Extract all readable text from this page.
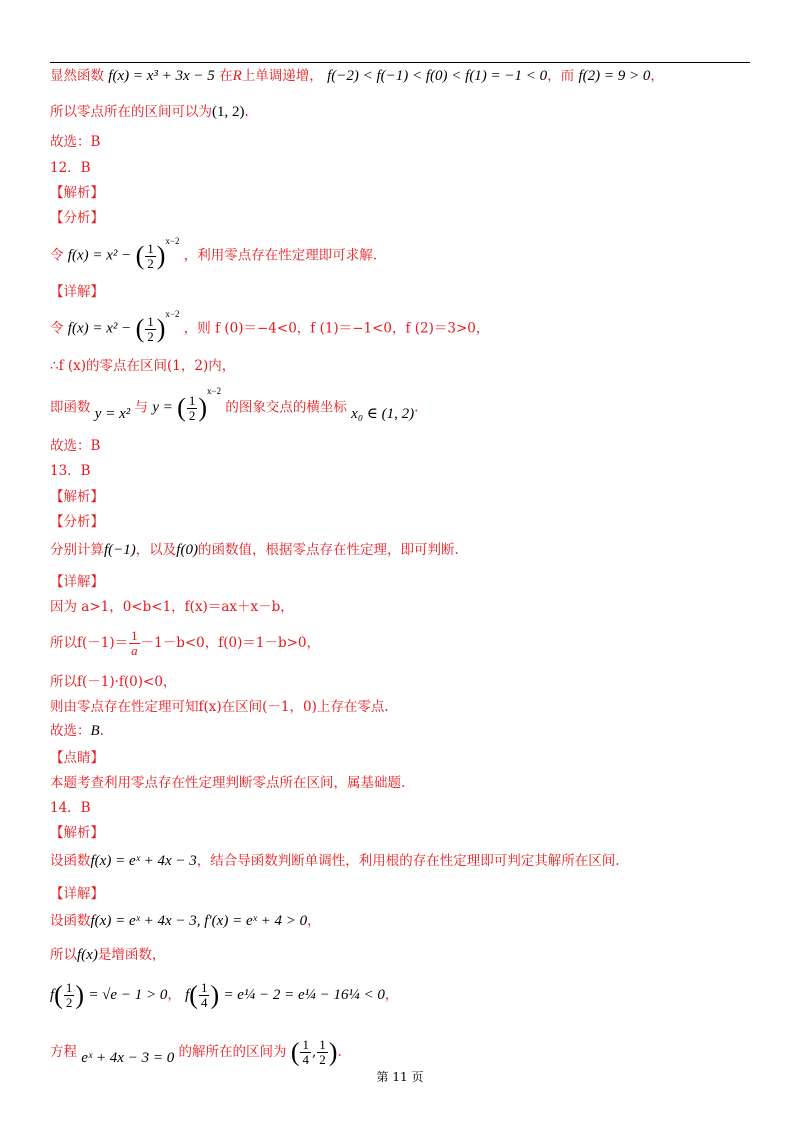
显然函数 f(x) = x³ + 3x − 5 在R上单调递增， f(−2) < f(−1) < f(0) < f(1) = −1 < 0，而 f(2) = 9 > 0，
所以零点所在的区间可以为(1, 2).
故选：B
12．B
【解析】
【分析】
令 f(x) = x² − ( $\frac{1}{2} )^{x-2}$ ，利用零点存在性定理即可求解.
【详解】
令 f(x) = x² − ( $\frac{1}{2} )^{x-2}$ ，则 f (0)＝−4<0，f (1)＝−1<0，f (2)＝3>0，
∴f (x)的零点在区间(1，2)内，
即函数 y = x² 与 y = ( $\frac{1}{2} )^{x-2}$ 的图象交点的横坐标 x₀ ∈ (1, 2).
故选：B
13．B
【解析】
【分析】
分别计算f(−1)，以及f(0)的函数值，根据零点存在性定理，即可判断.
【详解】
因为 a>1，0<b<1，f(x)＝ax＋x－b，
所以$f(-1)= \frac{1}{a} -1-b<0$，f(0)＝1－b>0，
所以f(－1)·f(0)<0，
则由零点存在性定理可知f(x)在区间(－1，0)上存在零点.
故选：B.
【点睛】
本题考查利用零点存在性定理判断零点所在区间，属基础题.
14．B
【解析】
设函数f(x) = eˣ + 4x − 3，结合导函数判断单调性，利用根的存在性定理即可判定其解所在区间.
【详解】
设函数f(x) = eˣ + 4x − 3, f′(x) = eˣ + 4 > 0，
所以f(x)是增函数，
$f( \frac{1}{2}$ ) = √e − 1 > 0， $f( \frac{1}{4}$ ) = e¼ − 2 = e¼ − 16¼ < 0，
方程 eˣ + 4x − 3 = 0 的解所在的区间为 ( $\frac{1}{4}$ , $\frac{1}{2}$ ).
第 11 页
